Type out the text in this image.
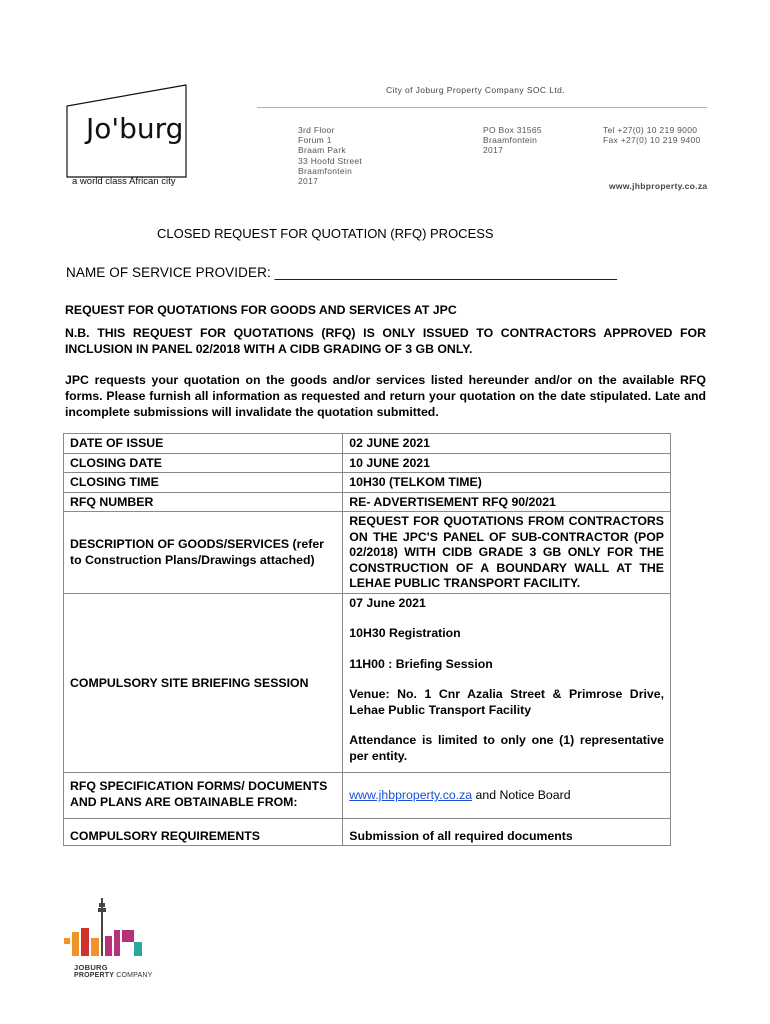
Jo'burg
a world class African city
City of Joburg Property Company SOC Ltd.
3rd Floor
Forum 1
Braam Park
33 Hoofd Street
Braamfontein
2017
PO Box 31565
Braamfontein
2017
Tel +27(0) 10 219 9000
Fax +27(0) 10 219 9400
www.jhbproperty.co.za
CLOSED REQUEST FOR QUOTATION (RFQ) PROCESS
NAME OF SERVICE PROVIDER: _____________________________________________
REQUEST FOR QUOTATIONS FOR GOODS AND SERVICES AT JPC
N.B. THIS REQUEST FOR QUOTATIONS (RFQ) IS ONLY ISSUED TO CONTRACTORS APPROVED FOR INCLUSION IN PANEL 02/2018 WITH A CIDB GRADING OF 3 GB ONLY.
JPC requests your quotation on the goods and/or services listed hereunder and/or on the available RFQ forms. Please furnish all information as requested and return your quotation on the date stipulated. Late and incomplete submissions will invalidate the quotation submitted.
DATE OF ISSUE	02 JUNE 2021
CLOSING DATE	10 JUNE 2021
CLOSING TIME	10H30 (TELKOM TIME)
RFQ NUMBER	RE- ADVERTISEMENT RFQ 90/2021
DESCRIPTION OF GOODS/SERVICES (refer to Construction Plans/Drawings attached)	REQUEST FOR QUOTATIONS FROM CONTRACTORS ON THE JPC'S PANEL OF SUB-CONTRACTOR (POP 02/2018) WITH CIDB GRADE 3 GB ONLY FOR THE CONSTRUCTION OF A BOUNDARY WALL AT THE LEHAE PUBLIC TRANSPORT FACILITY.
COMPULSORY SITE BRIEFING SESSION	07 June 2021

10H30 Registration

11H00 : Briefing Session

Venue: No. 1 Cnr Azalia Street & Primrose Drive, Lehae Public Transport Facility

Attendance is limited to only one (1) representative per entity.

RFQ SPECIFICATION FORMS/ DOCUMENTS AND PLANS ARE OBTAINABLE FROM:	www.jhbproperty.co.za and Notice Board
COMPULSORY REQUIREMENTS	Submission of all required documents
JOBURG
PROPERTY COMPANY
